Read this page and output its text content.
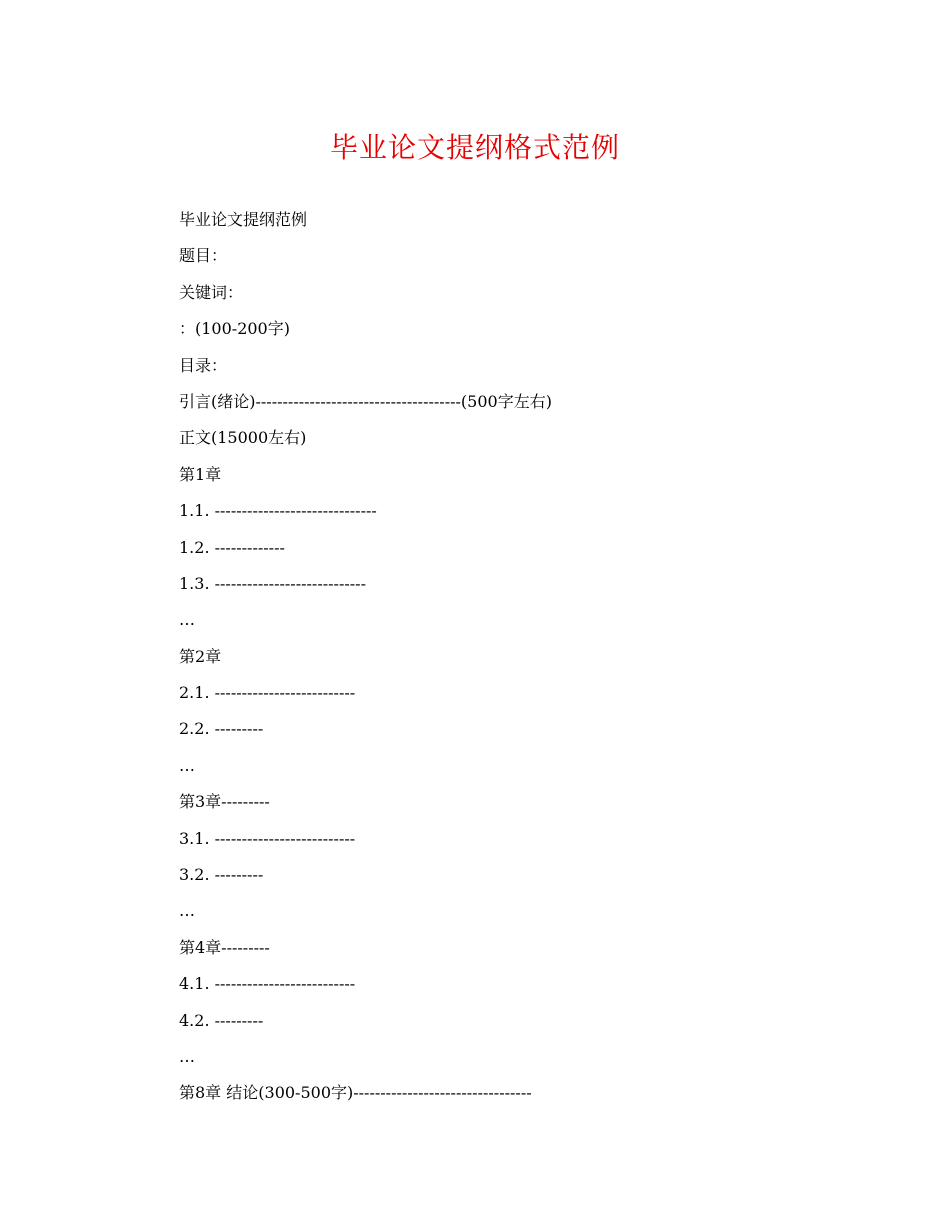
毕业论文提纲格式范例
毕业论文提纲范例
题目：
关键词：
：(100-200字)
目录：
引言(绪论)--------------------------------------(500字左右)
正文(15000左右)
第1章
1.1. ------------------------------
1.2. -------------
1.3. ----------------------------
…
第2章
2.1. --------------------------
2.2. ---------
…
第3章---------
3.1. --------------------------
3.2. ---------
…
第4章---------
4.1. --------------------------
4.2. ---------
…
第8章 结论(300-500字)---------------------------------
